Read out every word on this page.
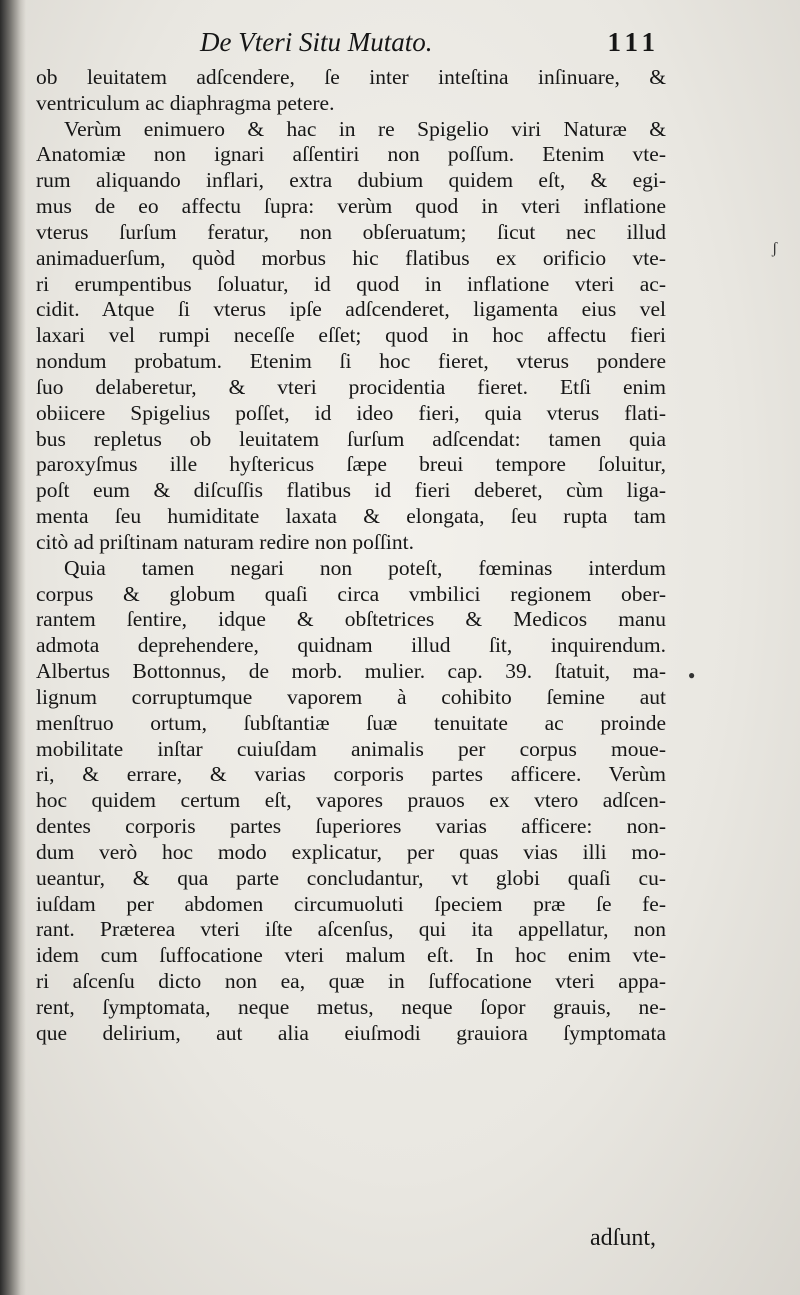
De Vteri Situ Mutato.	111
ob leuitatem adſcendere, ſe inter inteſtina inſinuare, &
ventriculum ac diaphragma petere.
Verùm enimuero & hac in re Spigelio viri Naturæ &
Anatomiæ non ignari aſſentiri non poſſum. Etenim vte-
rum aliquando inflari, extra dubium quidem eſt, & egi-
mus de eo affectu ſupra: verùm quod in vteri inflatione
vterus ſurſum feratur, non obſeruatum; ſicut nec illud
animaduerſum, quòd morbus hic flatibus ex orificio vte-
ri erumpentibus ſoluatur, id quod in inflatione vteri ac-
cidit. Atque ſi vterus ipſe adſcenderet, ligamenta eius vel
laxari vel rumpi neceſſe eſſet; quod in hoc affectu fieri
nondum probatum. Etenim ſi hoc fieret, vterus pondere
ſuo delaberetur, & vteri procidentia fieret. Etſi enim
obiicere Spigelius poſſet, id ideo fieri, quia vterus flati-
bus repletus ob leuitatem ſurſum adſcendat: tamen quia
paroxyſmus ille hyſtericus ſæpe breui tempore ſoluitur,
poſt eum & diſcuſſis flatibus id fieri deberet, cùm liga-
menta ſeu humiditate laxata & elongata, ſeu rupta tam
citò ad priſtinam naturam redire non poſſint.
Quia tamen negari non poteſt, fœminas interdum
corpus & globum quaſi circa vmbilici regionem ober-
rantem ſentire, idque & obſtetrices & Medicos manu
admota deprehendere, quidnam illud ſit, inquirendum.
Albertus Bottonnus, de morb. mulier. cap. 39. ſtatuit, ma-
lignum corruptumque vaporem à cohibito ſemine aut
menſtruo ortum, ſubſtantiæ ſuæ tenuitate ac proinde
mobilitate inſtar cuiuſdam animalis per corpus moue-
ri, & errare, & varias corporis partes afficere. Verùm
hoc quidem certum eſt, vapores prauos ex vtero adſcen-
dentes corporis partes ſuperiores varias afficere: non-
dum verò hoc modo explicatur, per quas vias illi mo-
ueantur, & qua parte concludantur, vt globi quaſi cu-
iuſdam per abdomen circumuoluti ſpeciem præ ſe fe-
rant. Præterea vteri iſte aſcenſus, qui ita appellatur, non
idem cum ſuffocatione vteri malum eſt. In hoc enim vte-
ri aſcenſu dicto non ea, quæ in ſuffocatione vteri appa-
rent, ſymptomata, neque metus, neque ſopor grauis, ne-
que delirium, aut alia eiuſmodi grauiora ſymptomata
adſunt,
ʃ
●
